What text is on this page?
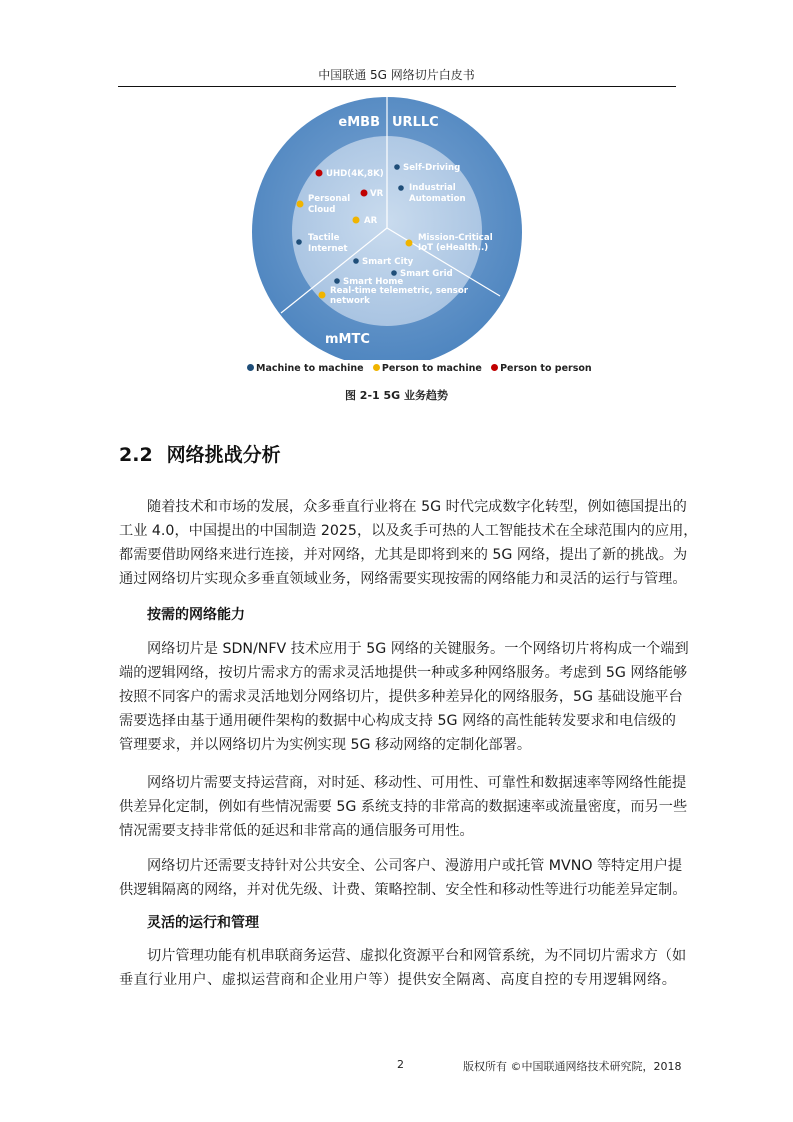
中国联通 5G 网络切片白皮书
eMBB URLLC
mMTC
UHD(4K,8K)
VR
Personal
Cloud
AR
Tactile
Internet
Self-Driving
Industrial
Automation
Mission-Critical
IoT (eHealth..)
Smart City
Smart Grid
Smart Home
Real-time telemetric, sensor
network
Machine to machine Person to machine Person to person
图 2-1 5G 业务趋势
2.2 网络挑战分析
随着技术和市场的发展，众多垂直行业将在 5G 时代完成数字化转型，例如德国提出的
工业 4.0，中国提出的中国制造 2025，以及炙手可热的人工智能技术在全球范围内的应用，
都需要借助网络来进行连接，并对网络，尤其是即将到来的 5G 网络，提出了新的挑战。为
通过网络切片实现众多垂直领域业务，网络需要实现按需的网络能力和灵活的运行与管理。
按需的网络能力
网络切片是 SDN/NFV 技术应用于 5G 网络的关键服务。一个网络切片将构成一个端到
端的逻辑网络，按切片需求方的需求灵活地提供一种或多种网络服务。考虑到 5G 网络能够
按照不同客户的需求灵活地划分网络切片，提供多种差异化的网络服务，5G 基础设施平台
需要选择由基于通用硬件架构的数据中心构成支持 5G 网络的高性能转发要求和电信级的
管理要求，并以网络切片为实例实现 5G 移动网络的定制化部署。
网络切片需要支持运营商，对时延、移动性、可用性、可靠性和数据速率等网络性能提
供差异化定制，例如有些情况需要 5G 系统支持的非常高的数据速率或流量密度，而另一些
情况需要支持非常低的延迟和非常高的通信服务可用性。
网络切片还需要支持针对公共安全、公司客户、漫游用户或托管 MVNO 等特定用户提
供逻辑隔离的网络，并对优先级、计费、策略控制、安全性和移动性等进行功能差异定制。
灵活的运行和管理
切片管理功能有机串联商务运营、虚拟化资源平台和网管系统，为不同切片需求方（如
垂直行业用户、虚拟运营商和企业用户等）提供安全隔离、高度自控的专用逻辑网络。
2	版权所有 ©中国联通网络技术研究院，2018
